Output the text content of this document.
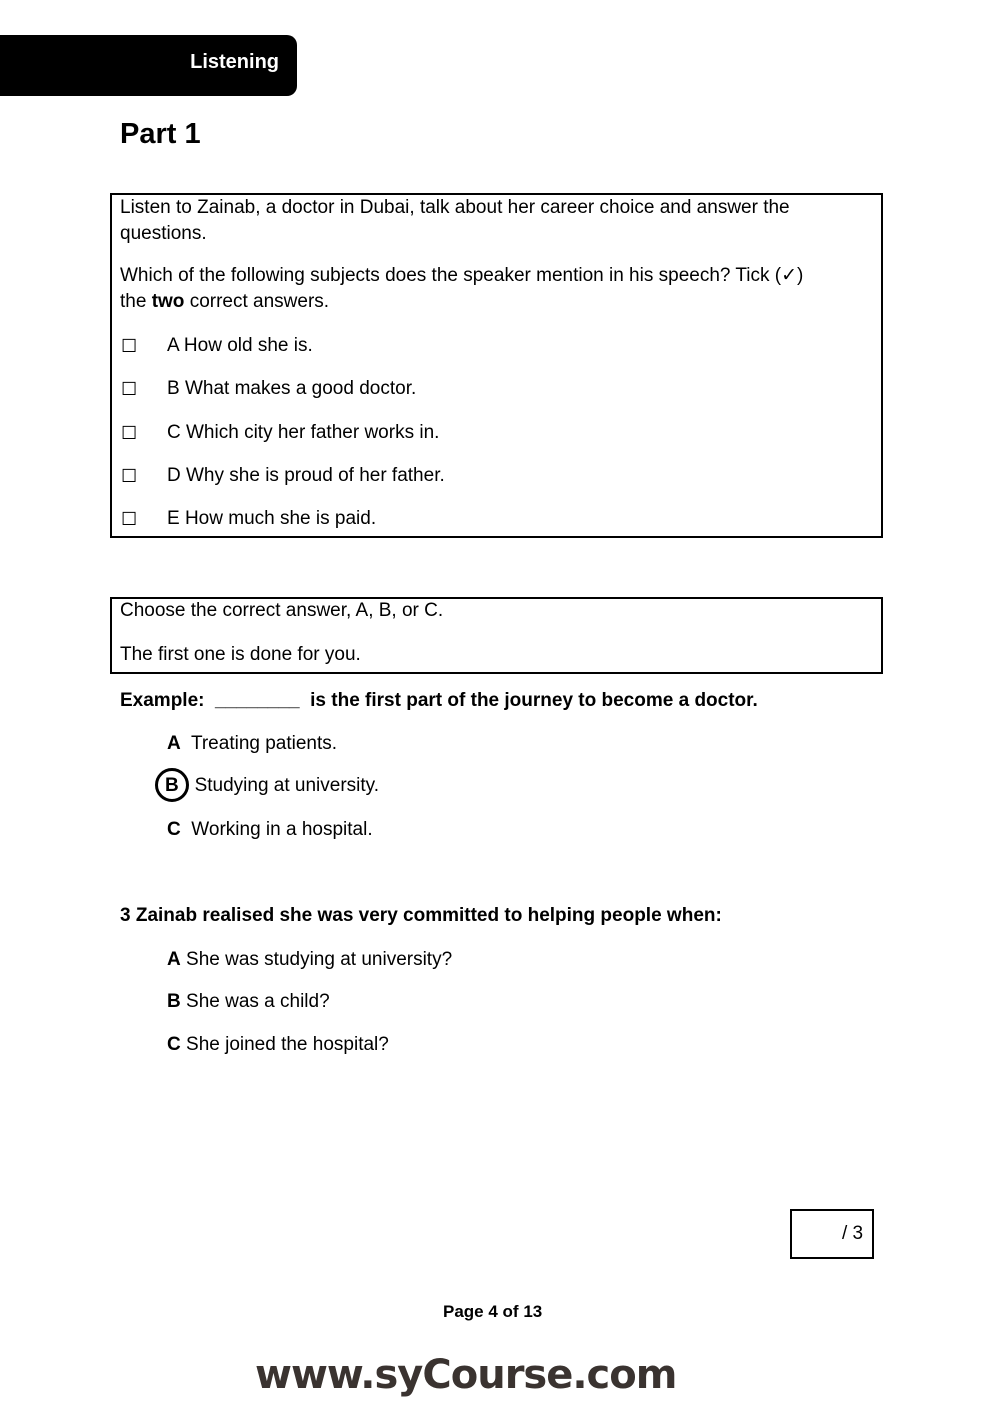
Listening
Part 1
Listen to Zainab, a doctor in Dubai, talk about her career choice and answer the
questions.
Which of the following subjects does the speaker mention in his speech? Tick (✓)
the two correct answers.
☐ A How old she is.
☐ B What makes a good doctor.
☐ C Which city her father works in.
☐ D Why she is proud of her father.
☐ E How much she is paid.
Choose the correct answer, A, B, or C.
The first one is done for you.
Example: ________ is the first part of the journey to become a doctor.
A Treating patients.
B Studying at university.
C Working in a hospital.
3 Zainab realised she was very committed to helping people when:
A She was studying at university?
B She was a child?
C She joined the hospital?
/ 3
Page 4 of 13
www.syCourse.com
